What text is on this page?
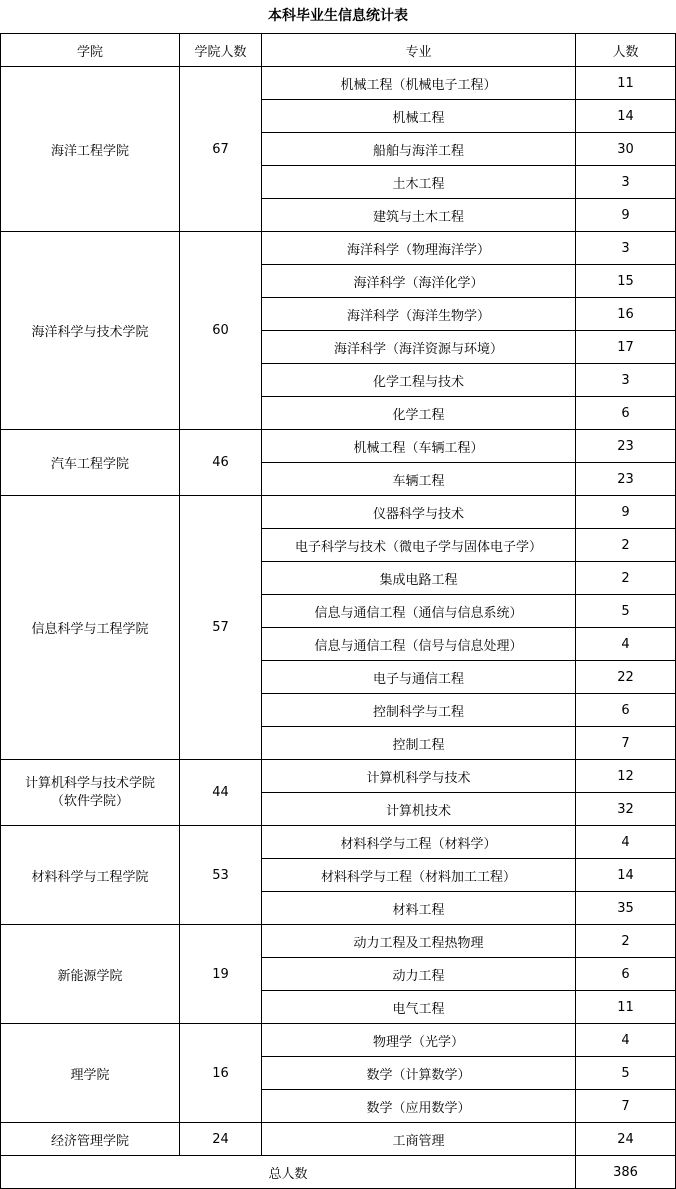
本科毕业生信息统计表
学院	学院人数	专业	人数

海洋工程学院	67	机械工程（机械电子工程）	11
		机械工程	14
		船舶与海洋工程	30
		土木工程	3
		建筑与土木工程	9

海洋科学与技术学院	60	海洋科学（物理海洋学）	3
		海洋科学（海洋化学）	15
		海洋科学（海洋生物学）	16
		海洋科学（海洋资源与环境）	17
		化学工程与技术	3
		化学工程	6

汽车工程学院	46	机械工程（车辆工程）	23
		车辆工程	23

信息科学与工程学院	57	仪器科学与技术	9
		电子科学与技术（微电子学与固体电子学）	2
		集成电路工程	2
		信息与通信工程（通信与信息系统）	5
		信息与通信工程（信号与信息处理）	4
		电子与通信工程	22
		控制科学与工程	6
		控制工程	7

计算机科学与技术学院
（软件学院）	44	计算机科学与技术	12
		计算机技术	32

材料科学与工程学院	53	材料科学与工程（材料学）	4
		材料科学与工程（材料加工工程）	14
		材料工程	35

新能源学院	19	动力工程及工程热物理	2
		动力工程	6
		电气工程	11

理学院	16	物理学（光学）	4
		数学（计算数学）	5
		数学（应用数学）	7

经济管理学院	24	工商管理	24
总人数			386
